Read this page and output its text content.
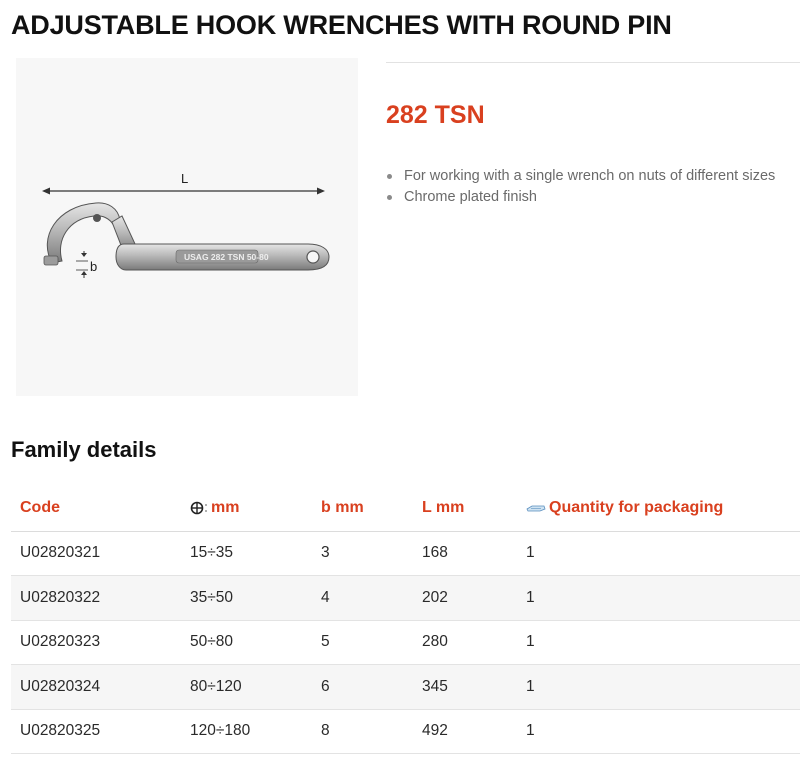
ADJUSTABLE HOOK WRENCHES WITH ROUND PIN
L
USAG 282 TSN 50-80
b
282 TSN
For working with a single wrench on nuts of different sizes
Chrome plated finish
Family details
Code	mm	b mm	L mm	Quantity for packaging
U02820321	15÷35	3	168	1
U02820322	35÷50	4	202	1
U02820323	50÷80	5	280	1
U02820324	80÷120	6	345	1
U02820325	120÷180	8	492	1
